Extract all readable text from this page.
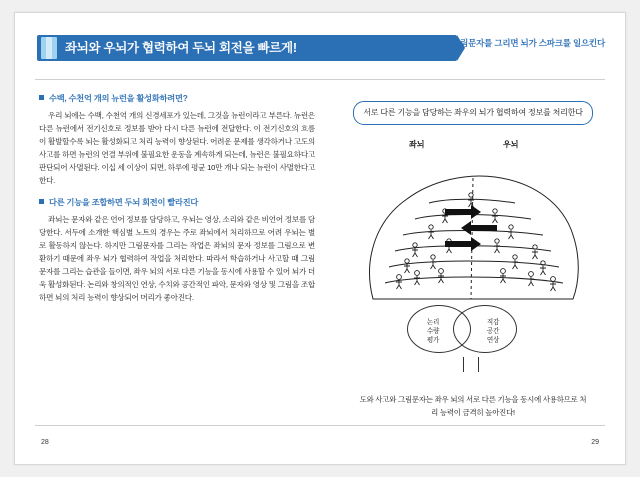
좌뇌와 우뇌가 협력하여 두뇌 회전을 빠르게!	그림문자를 그리면 뇌가 스파크를 일으킨다
수백, 수천억 개의 뉴런을 활성화하려면?
우리 뇌에는 수백, 수천억 개의 신경세포가 있는데, 그것을 뉴런이라고 부른다. 뉴런은 다른 뉴런에서 전기신호로 정보를 받아 다시 다른 뉴런에 전달한다. 이 전기신호의 흐름이 활발할수록 뇌는 활성화되고 처리 능력이 향상된다. 어려운 문제를 생각하거나 고도의 사고를 하면 뉴런의 연결 부위에 불필요한 운동을 계속하게 되는데, 뉴런은 불필요하다고 판단되어 사멸된다. 이십 세 이상이 되면, 하루에 평균 10만 개나 되는 뉴런이 사멸한다고 한다.
다른 기능을 조합하면 두뇌 회전이 빨라진다
좌뇌는 문자와 같은 언어 정보를 담당하고, 우뇌는 영상, 소리와 같은 비언어 정보를 담당한다. 서두에 소개한 핵심별 노트의 경우는 주로 좌뇌에서 처리하므로 어려 우뇌는 별로 활동하지 않는다. 하지만 그림문자를 그리는 작업은 좌뇌의 문자 정보를 그림으로 변환하기 때문에 좌우 뇌가 협력하여 작업을 처리한다. 따라서 학습하거나 사고할 때 그림문자를 그리는 습관을 들이면, 좌우 뇌의 서로 다른 기능을 동시에 사용할 수 있어 뇌가 더욱 활성화된다. 논리와 창의적인 연상, 수치와 공간적인 파악, 문자와 영상 및 그림을 조합하면 뇌의 처리 능력이 향상되어 머리가 좋아진다.
서로 다른 기능을 담당하는 좌우의 뇌가 협력하여 정보를 처리한다
좌뇌	우뇌
논리
수량
평가
직감
공간
연상
도와 사고와 그림문자는 좌우 뇌의 서로 다른 기능을 동시에 사용하므로 처리 능력이 금격히 높아진다!
28	29
